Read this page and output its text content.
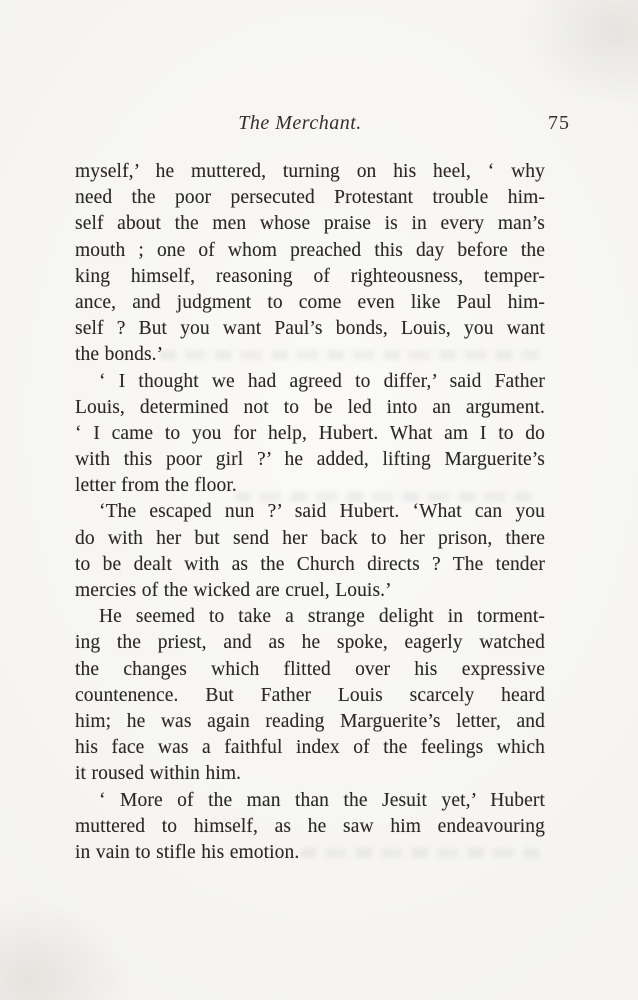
The Merchant.	75
myself,’ he muttered, turning on his heel, ‘ why
need the poor persecuted Protestant trouble him-
self about the men whose praise is in every man’s
mouth ; one of whom preached this day before the
king himself, reasoning of righteousness, temper-
ance, and judgment to come even like Paul him-
self ? But you want Paul’s bonds, Louis, you want
the bonds.’
‘ I thought we had agreed to differ,’ said Father
Louis, determined not to be led into an argument.
‘ I came to you for help, Hubert. What am I to do
with this poor girl ?’ he added, lifting Marguerite’s
letter from the floor.
‘The escaped nun ?’ said Hubert. ‘What can you
do with her but send her back to her prison, there
to be dealt with as the Church directs ? The tender
mercies of the wicked are cruel, Louis.’
He seemed to take a strange delight in torment-
ing the priest, and as he spoke, eagerly watched
the changes which flitted over his expressive
countenence. But Father Louis scarcely heard
him; he was again reading Marguerite’s letter, and
his face was a faithful index of the feelings which
it roused within him.
‘ More of the man than the Jesuit yet,’ Hubert
muttered to himself, as he saw him endeavouring
in vain to stifle his emotion.
